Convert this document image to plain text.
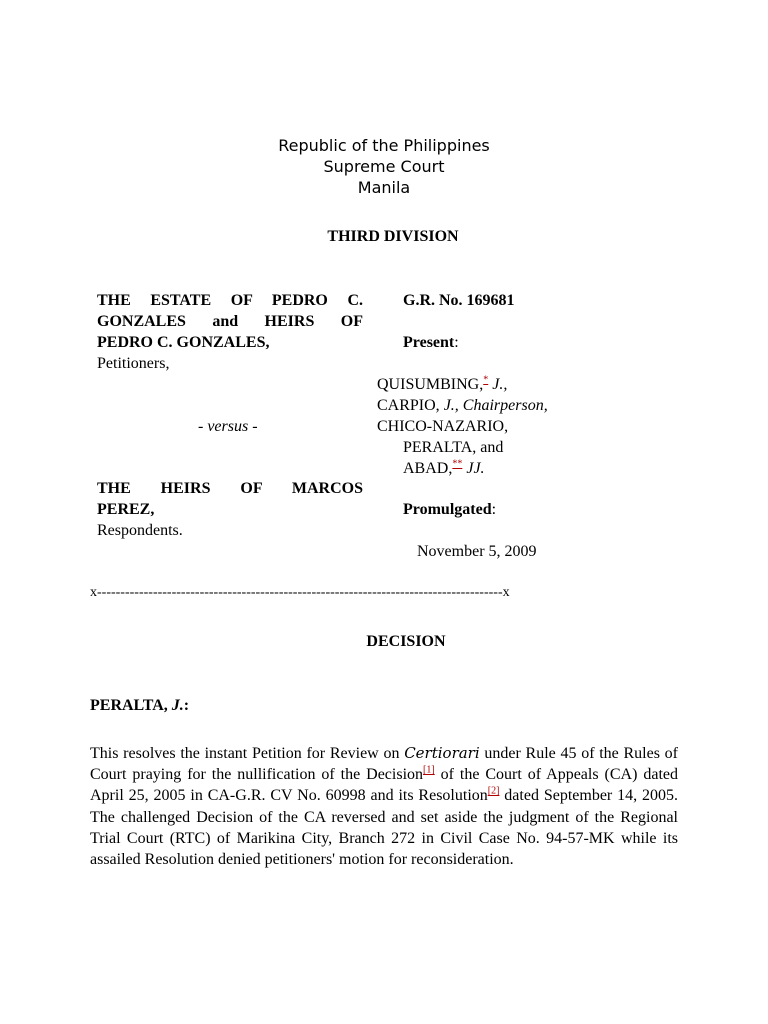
Republic of the Philippines
Supreme Court
Manila
THIRD DIVISION
THE ESTATE OF PEDRO C.
GONZALES and HEIRS OF
PEDRO C. GONZALES,
Petitioners,
- versus -
THE HEIRS OF MARCOS
PEREZ,
Respondents.
G.R. No. 169681
Present:
QUISUMBING,* J.,
CARPIO, J., Chairperson,
CHICO-NAZARIO,
PERALTA, and
ABAD,** JJ.
Promulgated:
November 5, 2009
x---------------------------------------------------------------------------------------x
DECISION
PERALTA, J.:
This resolves the instant Petition for Review on Certiorari under Rule 45 of the Rules of Court praying for the nullification of the Decision[1] of the Court of Appeals (CA) dated April 25, 2005 in CA-G.R. CV No. 60998 and its Resolution[2] dated September 14, 2005. The challenged Decision of the CA reversed and set aside the judgment of the Regional Trial Court (RTC) of Marikina City, Branch 272 in Civil Case No. 94-57-MK while its assailed Resolution denied petitioners' motion for reconsideration.
